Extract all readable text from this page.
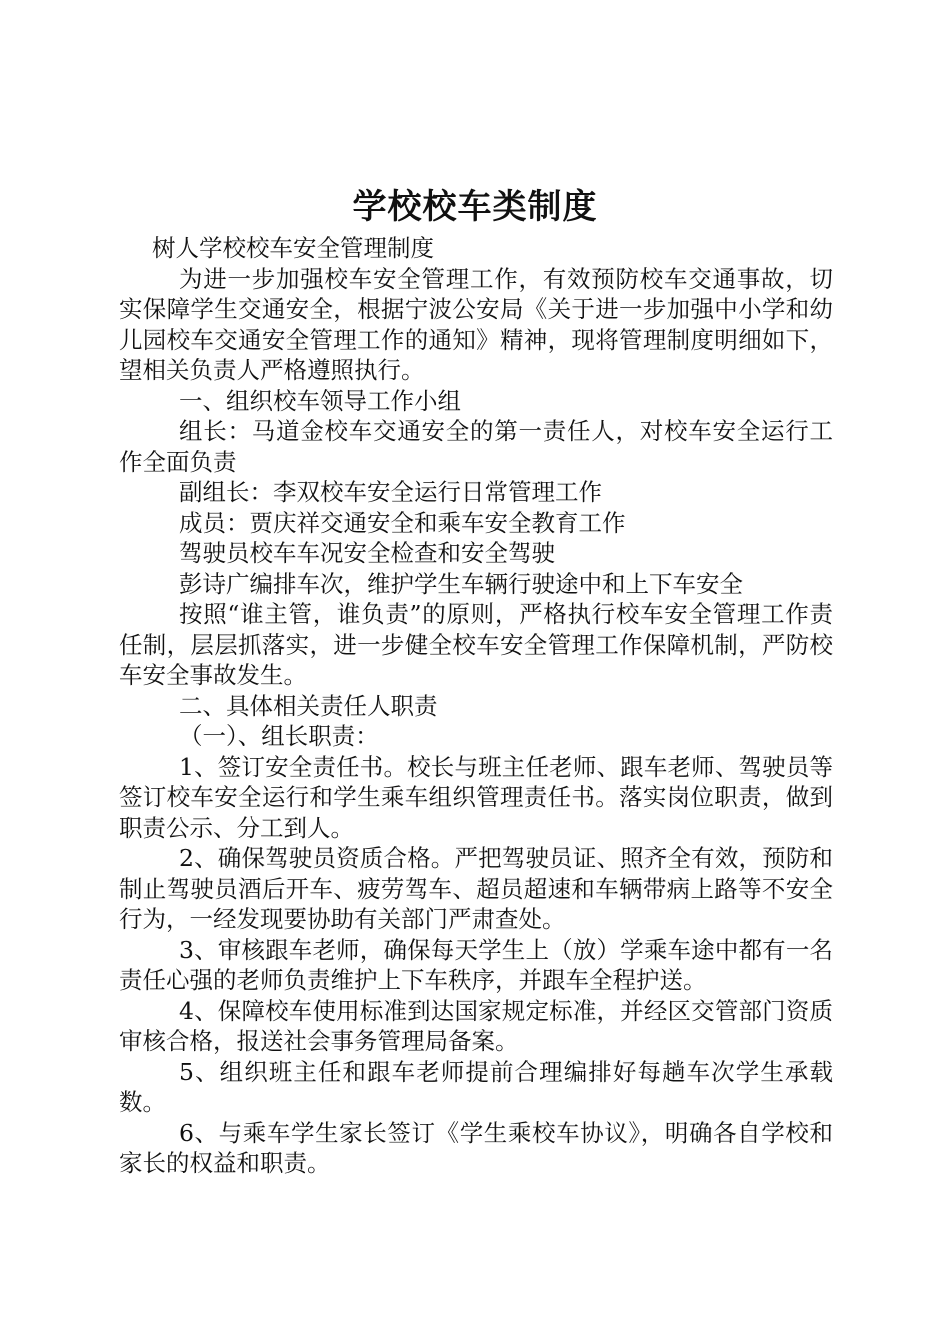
学校校车类制度

树人学校校车安全管理制度

为进一步加强校车安全管理工作，有效预防校车交通事故，切实保障学生交通安全，根据宁波公安局《关于进一步加强中小学和幼儿园校车交通安全管理工作的通知》精神，现将管理制度明细如下，望相关负责人严格遵照执行。

一、组织校车领导工作小组

组长：马道金校车交通安全的第一责任人，对校车安全运行工作全面负责

副组长：李双校车安全运行日常管理工作

成员：贾庆祥交通安全和乘车安全教育工作

驾驶员校车车况安全检查和安全驾驶

彭诗广编排车次，维护学生车辆行驶途中和上下车安全

按照“谁主管，谁负责”的原则，严格执行校车安全管理工作责任制，层层抓落实，进一步健全校车安全管理工作保障机制，严防校车安全事故发生。

二、具体相关责任人职责

（一）、组长职责：

1、签订安全责任书。校长与班主任老师、跟车老师、驾驶员等签订校车安全运行和学生乘车组织管理责任书。落实岗位职责，做到职责公示、分工到人。

2、确保驾驶员资质合格。严把驾驶员证、照齐全有效，预防和制止驾驶员酒后开车、疲劳驾车、超员超速和车辆带病上路等不安全行为，一经发现要协助有关部门严肃查处。

3、审核跟车老师，确保每天学生上（放）学乘车途中都有一名责任心强的老师负责维护上下车秩序，并跟车全程护送。

4、保障校车使用标准到达国家规定标准，并经区交管部门资质审核合格，报送社会事务管理局备案。

5、组织班主任和跟车老师提前合理编排好每趟车次学生承载数。

6、与乘车学生家长签订《学生乘校车协议》，明确各自学校和家长的权益和职责。
